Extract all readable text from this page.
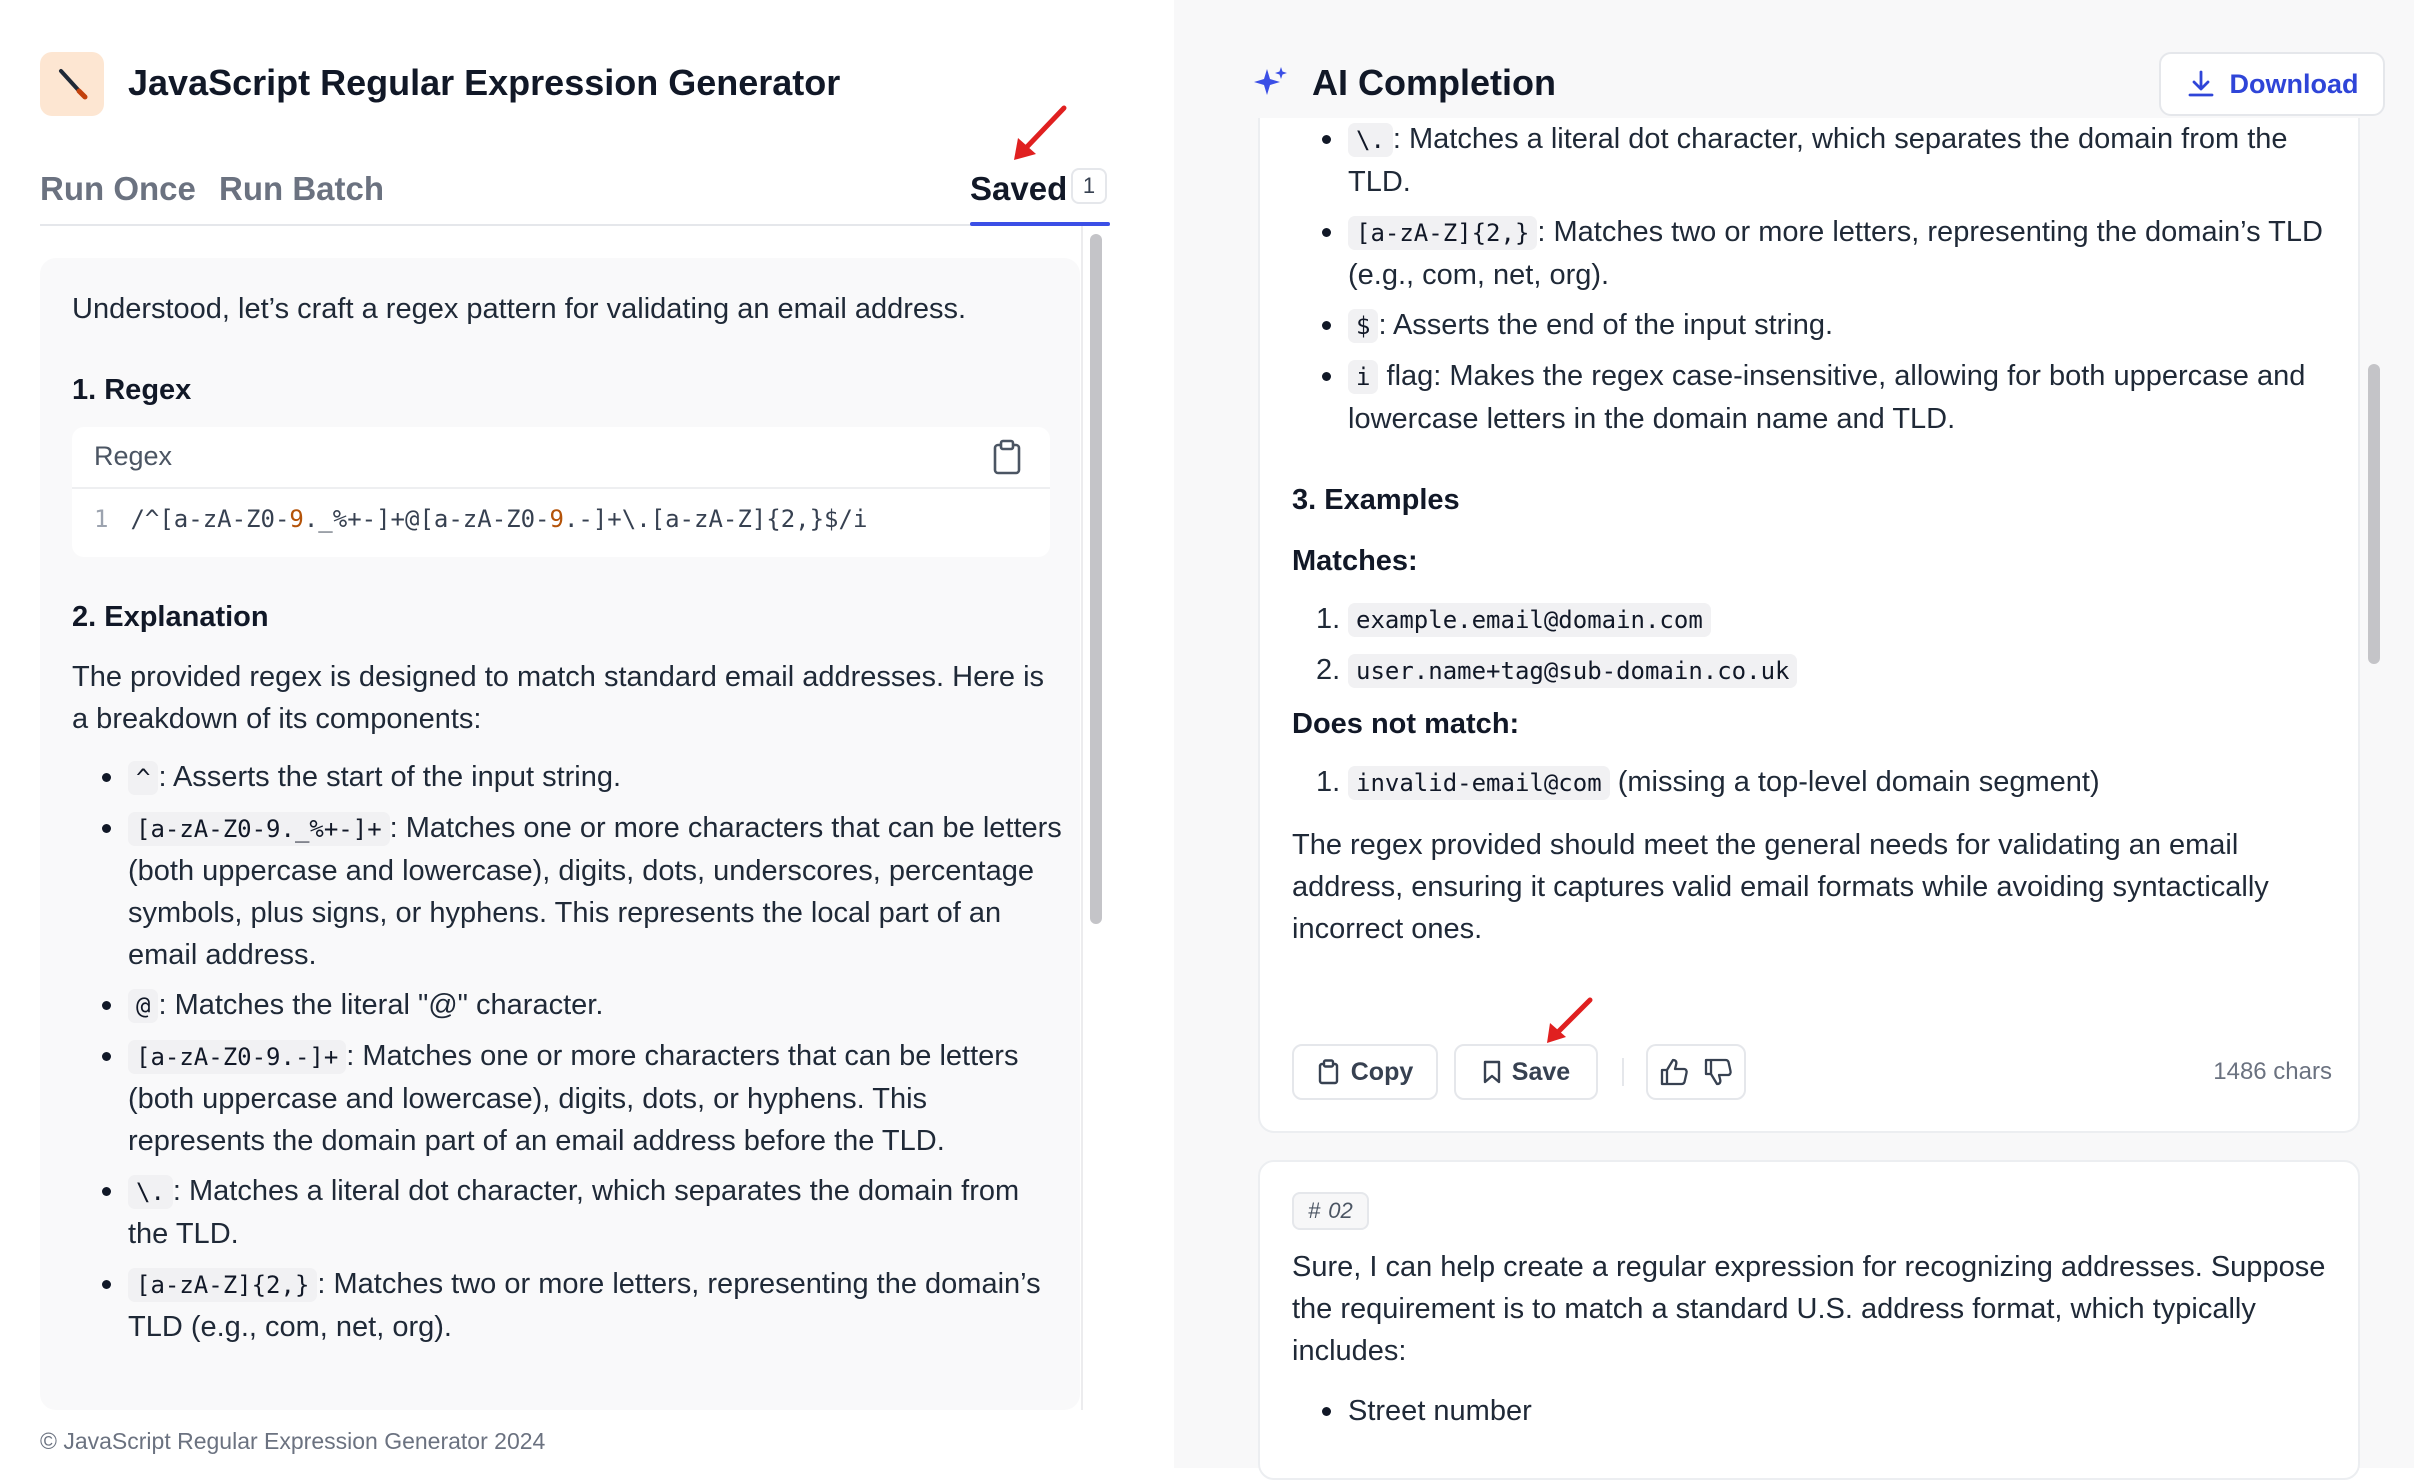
JavaScript Regular Expression Generator
Run Once Run Batch	Saved 1
Understood, let’s craft a regex pattern for validating an email address.
1. Regex
Regex
1 /^[a-zA-Z0-9._%+-]+@[a-zA-Z0-9.-]+\.[a-zA-Z]{2,}$/i
2. Explanation
The provided regex is designed to match standard email addresses. Here is a breakdown of its components:
^ : Asserts the start of the input string.
[a-zA-Z0-9._%+-]+ : Matches one or more characters that can be letters (both uppercase and lowercase), digits, dots, underscores, percentage symbols, plus signs, or hyphens. This represents the local part of an email address.
@ : Matches the literal "@" character.
[a-zA-Z0-9.-]+ : Matches one or more characters that can be letters (both uppercase and lowercase), digits, dots, or hyphens. This represents the domain part of an email address before the TLD.
\. : Matches a literal dot character, which separates the domain from the TLD.
[a-zA-Z]{2,} : Matches two or more letters, representing the domain’s TLD (e.g., com, net, org).
© JavaScript Regular Expression Generator 2024
AI Completion	Download
\. : Matches a literal dot character, which separates the domain from the TLD.
[a-zA-Z]{2,} : Matches two or more letters, representing the domain’s TLD (e.g., com, net, org).
$ : Asserts the end of the input string.
i flag: Makes the regex case-insensitive, allowing for both uppercase and lowercase letters in the domain name and TLD.
3. Examples
Matches:
1. example.email@domain.com
2. user.name+tag@sub-domain.co.uk
Does not match:
1. invalid-email@com (missing a top-level domain segment)
The regex provided should meet the general needs for validating an email address, ensuring it captures valid email formats while avoiding syntactically incorrect ones.
Copy	Save	1486 chars
# 02
Sure, I can help create a regular expression for recognizing addresses. Suppose the requirement is to match a standard U.S. address format, which typically includes:
Street number
